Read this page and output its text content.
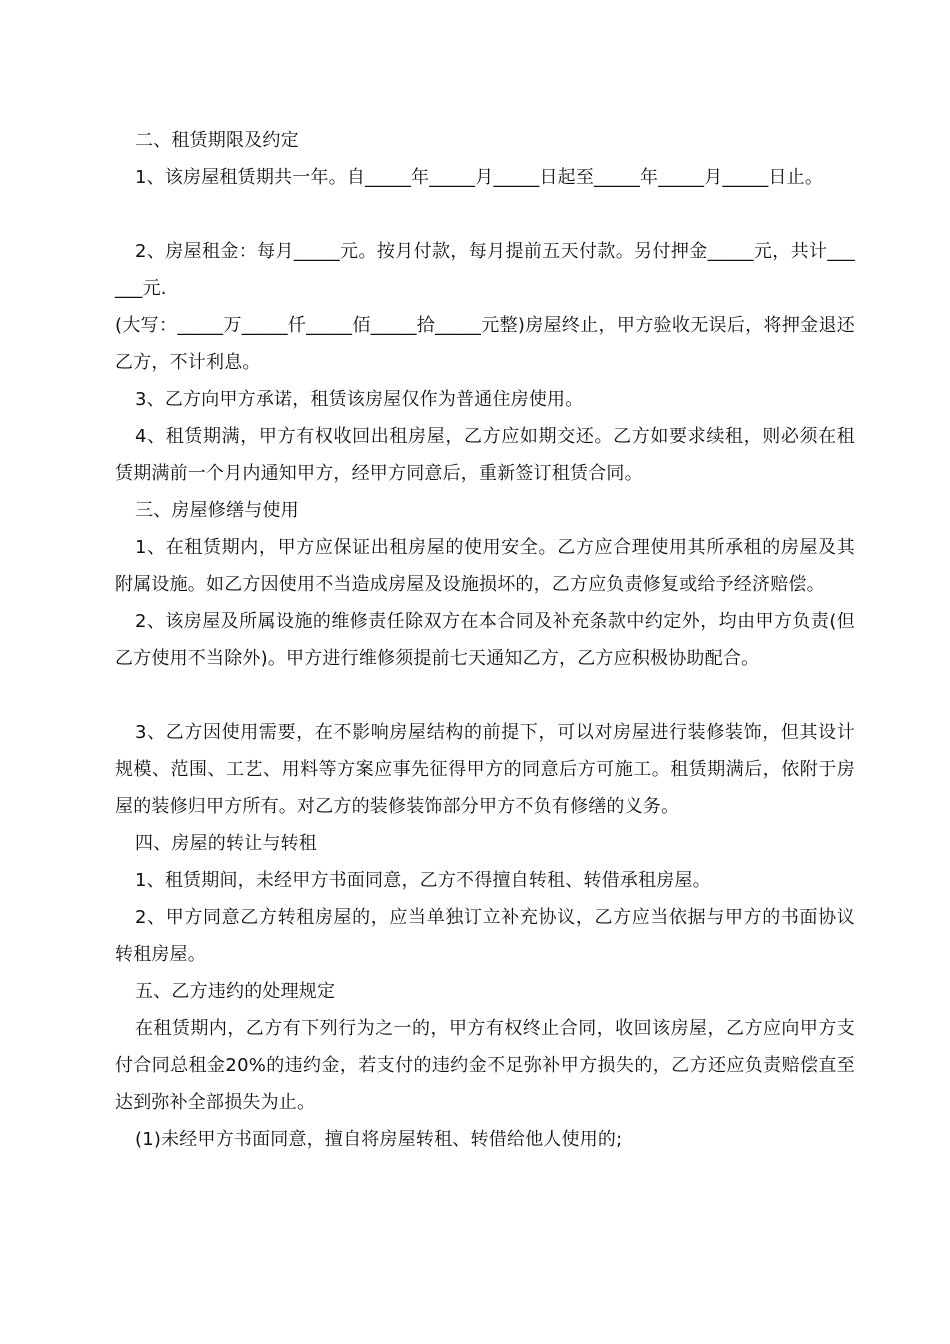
二、租赁期限及约定

1、该房屋租赁期共一年。自_____年_____月_____日起至_____年_____月_____日止。

2、房屋租金：每月_____元。按月付款，每月提前五天付款。另付押金_____元，共计______元.

(大写：_____万_____仟_____佰_____拾_____元整)房屋终止，甲方验收无误后，将押金退还乙方，不计利息。

3、乙方向甲方承诺，租赁该房屋仅作为普通住房使用。

4、租赁期满，甲方有权收回出租房屋，乙方应如期交还。乙方如要求续租，则必须在租赁期满前一个月内通知甲方，经甲方同意后，重新签订租赁合同。

三、房屋修缮与使用

1、在租赁期内，甲方应保证出租房屋的使用安全。乙方应合理使用其所承租的房屋及其附属设施。如乙方因使用不当造成房屋及设施损坏的，乙方应负责修复或给予经济赔偿。

2、该房屋及所属设施的维修责任除双方在本合同及补充条款中约定外，均由甲方负责(但乙方使用不当除外)。甲方进行维修须提前七天通知乙方，乙方应积极协助配合。

3、乙方因使用需要，在不影响房屋结构的前提下，可以对房屋进行装修装饰，但其设计规模、范围、工艺、用料等方案应事先征得甲方的同意后方可施工。租赁期满后，依附于房屋的装修归甲方所有。对乙方的装修装饰部分甲方不负有修缮的义务。

四、房屋的转让与转租

1、租赁期间，未经甲方书面同意，乙方不得擅自转租、转借承租房屋。

2、甲方同意乙方转租房屋的，应当单独订立补充协议，乙方应当依据与甲方的书面协议转租房屋。

五、乙方违约的处理规定

在租赁期内，乙方有下列行为之一的，甲方有权终止合同，收回该房屋，乙方应向甲方支付合同总租金20%的违约金，若支付的违约金不足弥补甲方损失的，乙方还应负责赔偿直至达到弥补全部损失为止。

(1)未经甲方书面同意，擅自将房屋转租、转借给他人使用的;
